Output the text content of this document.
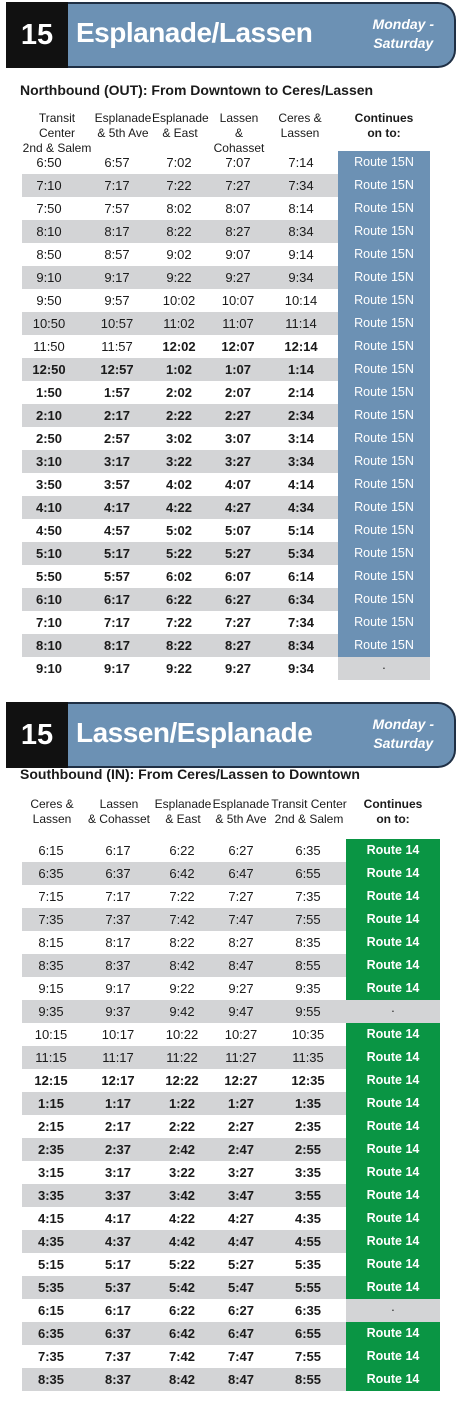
15 Esplanade/Lassen	Monday -
Saturday
Northbound (OUT): From Downtown to Ceres/Lassen
Transit Center
2nd & Salem
Esplanade
& 5th Ave
Esplanade
& East
Lassen
& Cohasset
Ceres &
Lassen
Continues
on to:
6:50	6:57	7:02	7:07	7:14	Route 15N
7:10	7:17	7:22	7:27	7:34	Route 15N
7:50	7:57	8:02	8:07	8:14	Route 15N
8:10	8:17	8:22	8:27	8:34	Route 15N
8:50	8:57	9:02	9:07	9:14	Route 15N
9:10	9:17	9:22	9:27	9:34	Route 15N
9:50	9:57	10:02	10:07	10:14	Route 15N
10:50	10:57	11:02	11:07	11:14	Route 15N
11:50	11:57	12:02	12:07	12:14	Route 15N
12:50	12:57	1:02	1:07	1:14	Route 15N
1:50	1:57	2:02	2:07	2:14	Route 15N
2:10	2:17	2:22	2:27	2:34	Route 15N
2:50	2:57	3:02	3:07	3:14	Route 15N
3:10	3:17	3:22	3:27	3:34	Route 15N
3:50	3:57	4:02	4:07	4:14	Route 15N
4:10	4:17	4:22	4:27	4:34	Route 15N
4:50	4:57	5:02	5:07	5:14	Route 15N
5:10	5:17	5:22	5:27	5:34	Route 15N
5:50	5:57	6:02	6:07	6:14	Route 15N
6:10	6:17	6:22	6:27	6:34	Route 15N
7:10	7:17	7:22	7:27	7:34	Route 15N
8:10	8:17	8:22	8:27	8:34	Route 15N
9:10	9:17	9:22	9:27	9:34	·
15 Lassen/Esplanade	Monday -
Saturday
Southbound (IN): From Ceres/Lassen to Downtown
Ceres &
Lassen
Lassen
& Cohasset
Esplanade
& East
Esplanade
& 5th Ave
Transit Center
2nd & Salem
Continues
on to:
6:15	6:17	6:22	6:27	6:35	Route 14
6:35	6:37	6:42	6:47	6:55	Route 14
7:15	7:17	7:22	7:27	7:35	Route 14
7:35	7:37	7:42	7:47	7:55	Route 14
8:15	8:17	8:22	8:27	8:35	Route 14
8:35	8:37	8:42	8:47	8:55	Route 14
9:15	9:17	9:22	9:27	9:35	Route 14
9:35	9:37	9:42	9:47	9:55	·
10:15	10:17	10:22	10:27	10:35	Route 14
11:15	11:17	11:22	11:27	11:35	Route 14
12:15	12:17	12:22	12:27	12:35	Route 14
1:15	1:17	1:22	1:27	1:35	Route 14
2:15	2:17	2:22	2:27	2:35	Route 14
2:35	2:37	2:42	2:47	2:55	Route 14
3:15	3:17	3:22	3:27	3:35	Route 14
3:35	3:37	3:42	3:47	3:55	Route 14
4:15	4:17	4:22	4:27	4:35	Route 14
4:35	4:37	4:42	4:47	4:55	Route 14
5:15	5:17	5:22	5:27	5:35	Route 14
5:35	5:37	5:42	5:47	5:55	Route 14
6:15	6:17	6:22	6:27	6:35	·
6:35	6:37	6:42	6:47	6:55	Route 14
7:35	7:37	7:42	7:47	7:55	Route 14
8:35	8:37	8:42	8:47	8:55	Route 14
